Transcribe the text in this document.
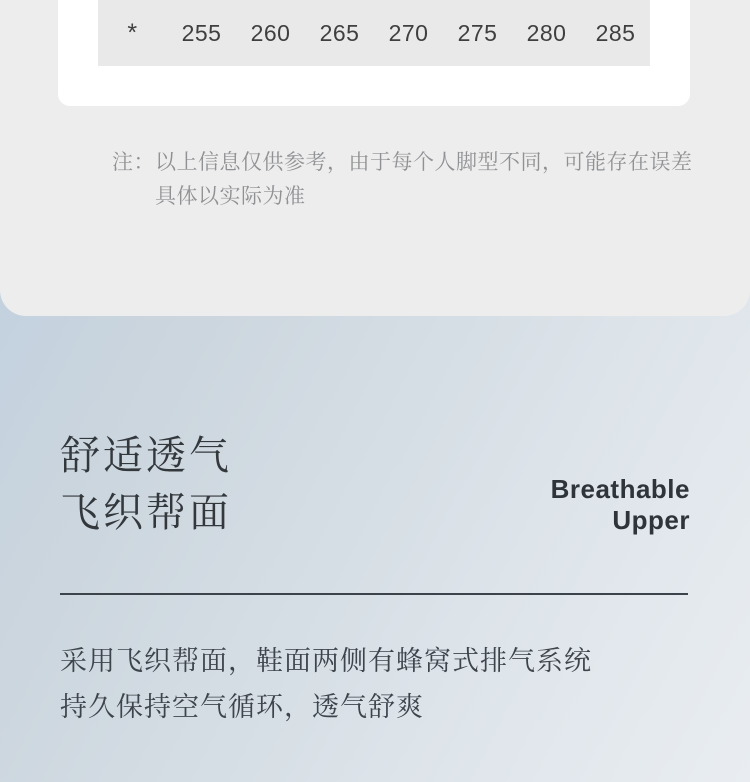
*	255	260	265	270	275	280	285
注： 以上信息仅供参考，由于每个人脚型不同，可能存在误差
具体以实际为准
舒适透气
飞织帮面
Breathable
Upper
采用飞织帮面，鞋面两侧有蜂窝式排气系统
持久保持空气循环，透气舒爽
